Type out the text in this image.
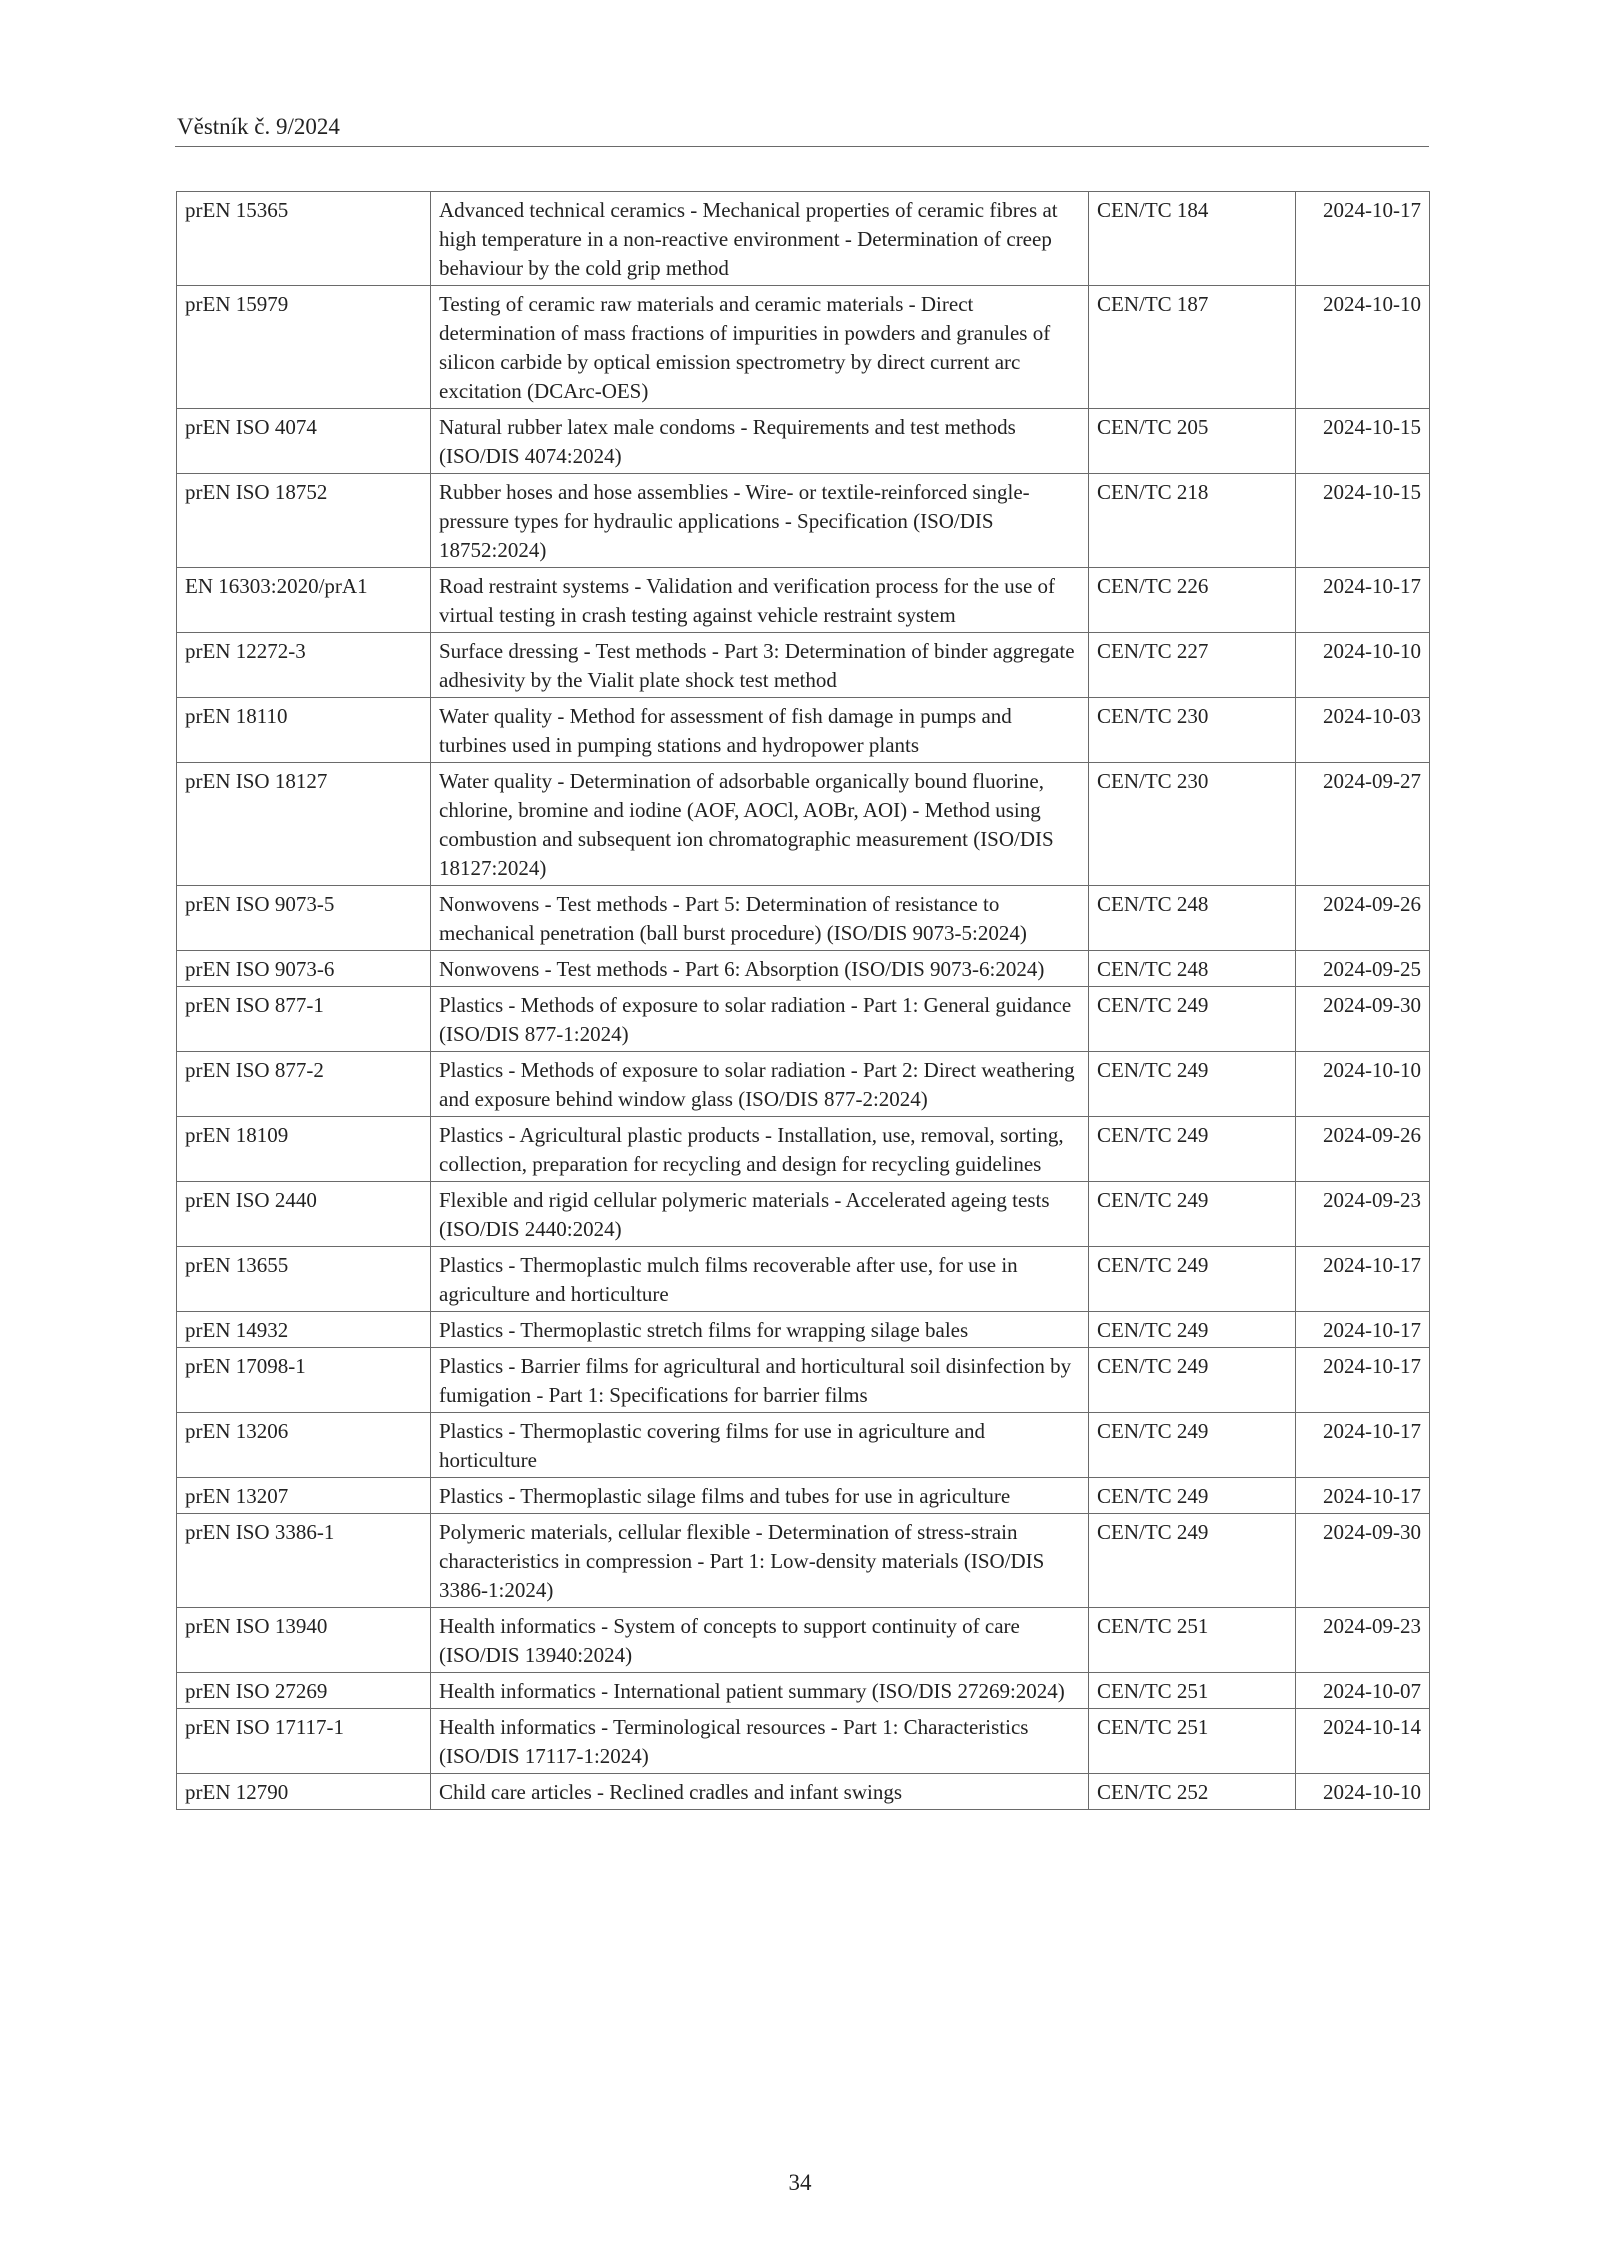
Věstník č. 9/2024
prEN 15365	Advanced technical ceramics - Mechanical properties of ceramic fibres at high temperature in a non-reactive environment - Determination of creep behaviour by the cold grip method	CEN/TC 184	2024-10-17
prEN 15979	Testing of ceramic raw materials and ceramic materials - Direct determination of mass fractions of impurities in powders and granules of silicon carbide by optical emission spectrometry by direct current arc excitation (DCArc-OES)	CEN/TC 187	2024-10-10
prEN ISO 4074	Natural rubber latex male condoms - Requirements and test methods (ISO/DIS 4074:2024)	CEN/TC 205	2024-10-15
prEN ISO 18752	Rubber hoses and hose assemblies - Wire- or textile-reinforced single-pressure types for hydraulic applications - Specification (ISO/DIS 18752:2024)	CEN/TC 218	2024-10-15
EN 16303:2020/prA1	Road restraint systems - Validation and verification process for the use of virtual testing in crash testing against vehicle restraint system	CEN/TC 226	2024-10-17
prEN 12272-3	Surface dressing - Test methods - Part 3: Determination of binder aggregate adhesivity by the Vialit plate shock test method	CEN/TC 227	2024-10-10
prEN 18110	Water quality - Method for assessment of fish damage in pumps and turbines used in pumping stations and hydropower plants	CEN/TC 230	2024-10-03
prEN ISO 18127	Water quality - Determination of adsorbable organically bound fluorine, chlorine, bromine and iodine (AOF, AOCl, AOBr, AOI) - Method using combustion and subsequent ion chromatographic measurement (ISO/DIS 18127:2024)	CEN/TC 230	2024-09-27
prEN ISO 9073-5	Nonwovens - Test methods - Part 5: Determination of resistance to mechanical penetration (ball burst procedure) (ISO/DIS 9073-5:2024)	CEN/TC 248	2024-09-26
prEN ISO 9073-6	Nonwovens - Test methods - Part 6: Absorption (ISO/DIS 9073-6:2024)	CEN/TC 248	2024-09-25
prEN ISO 877-1	Plastics - Methods of exposure to solar radiation - Part 1: General guidance (ISO/DIS 877-1:2024)	CEN/TC 249	2024-09-30
prEN ISO 877-2	Plastics - Methods of exposure to solar radiation - Part 2: Direct weathering and exposure behind window glass (ISO/DIS 877-2:2024)	CEN/TC 249	2024-10-10
prEN 18109	Plastics - Agricultural plastic products - Installation, use, removal, sorting, collection, preparation for recycling and design for recycling guidelines	CEN/TC 249	2024-09-26
prEN ISO 2440	Flexible and rigid cellular polymeric materials - Accelerated ageing tests (ISO/DIS 2440:2024)	CEN/TC 249	2024-09-23
prEN 13655	Plastics - Thermoplastic mulch films recoverable after use, for use in agriculture and horticulture	CEN/TC 249	2024-10-17
prEN 14932	Plastics - Thermoplastic stretch films for wrapping silage bales	CEN/TC 249	2024-10-17
prEN 17098-1	Plastics - Barrier films for agricultural and horticultural soil disinfection by fumigation - Part 1: Specifications for barrier films	CEN/TC 249	2024-10-17
prEN 13206	Plastics - Thermoplastic covering films for use in agriculture and horticulture	CEN/TC 249	2024-10-17
prEN 13207	Plastics - Thermoplastic silage films and tubes for use in agriculture	CEN/TC 249	2024-10-17
prEN ISO 3386-1	Polymeric materials, cellular flexible - Determination of stress-strain characteristics in compression - Part 1: Low-density materials (ISO/DIS 3386-1:2024)	CEN/TC 249	2024-09-30
prEN ISO 13940	Health informatics - System of concepts to support continuity of care (ISO/DIS 13940:2024)	CEN/TC 251	2024-09-23
prEN ISO 27269	Health informatics - International patient summary (ISO/DIS 27269:2024)	CEN/TC 251	2024-10-07
prEN ISO 17117-1	Health informatics - Terminological resources - Part 1: Characteristics (ISO/DIS 17117-1:2024)	CEN/TC 251	2024-10-14
prEN 12790	Child care articles - Reclined cradles and infant swings	CEN/TC 252	2024-10-10
34
